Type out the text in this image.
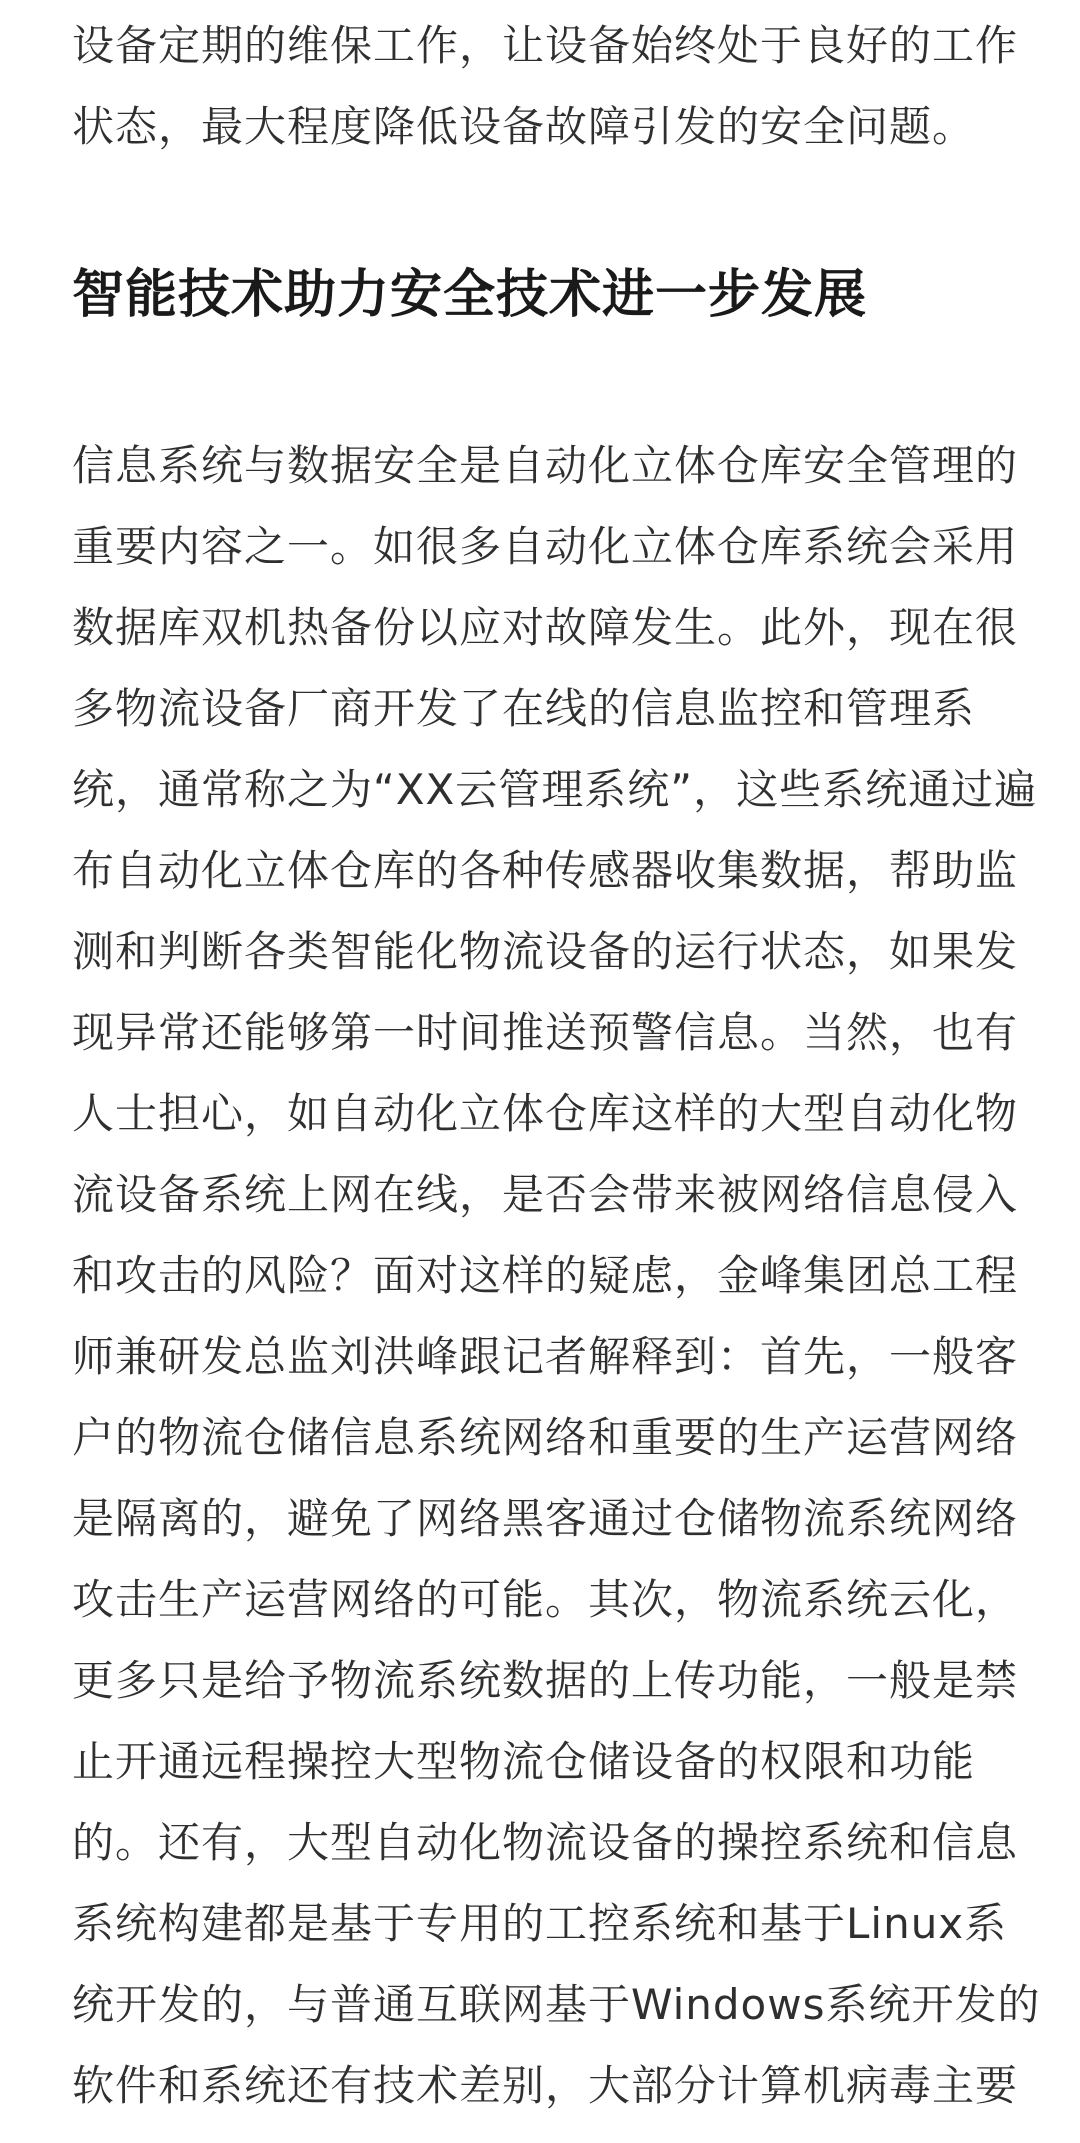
设备定期的维保工作，让设备始终处于良好的工作
状态，最大程度降低设备故障引发的安全问题。

智能技术助力安全技术进一步发展

信息系统与数据安全是自动化立体仓库安全管理的
重要内容之一。如很多自动化立体仓库系统会采用
数据库双机热备份以应对故障发生。此外，现在很
多物流设备厂商开发了在线的信息监控和管理系
统，通常称之为“XX云管理系统”，这些系统通过遍
布自动化立体仓库的各种传感器收集数据，帮助监
测和判断各类智能化物流设备的运行状态，如果发
现异常还能够第一时间推送预警信息。当然，也有
人士担心，如自动化立体仓库这样的大型自动化物
流设备系统上网在线，是否会带来被网络信息侵入
和攻击的风险？面对这样的疑虑，金峰集团总工程
师兼研发总监刘洪峰跟记者解释到：首先，一般客
户的物流仓储信息系统网络和重要的生产运营网络
是隔离的，避免了网络黑客通过仓储物流系统网络
攻击生产运营网络的可能。其次，物流系统云化，
更多只是给予物流系统数据的上传功能，一般是禁
止开通远程操控大型物流仓储设备的权限和功能
的。还有，大型自动化物流设备的操控系统和信息
系统构建都是基于专用的工控系统和基于Linux系
统开发的，与普通互联网基于Windows系统开发的
软件和系统还有技术差别，大部分计算机病毒主要
